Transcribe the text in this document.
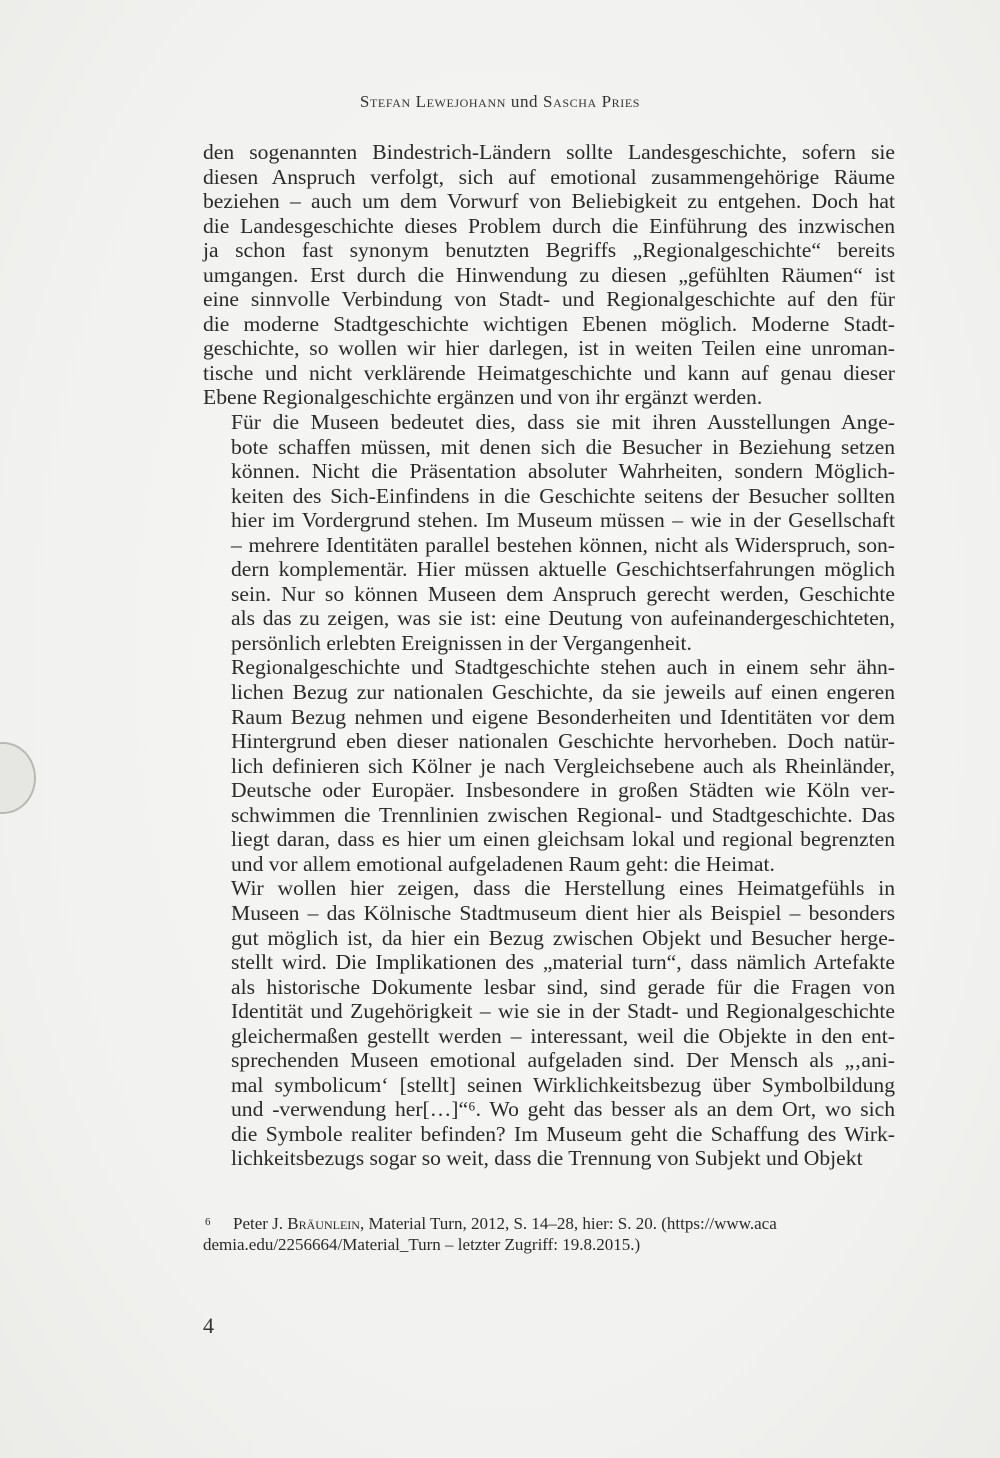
Stefan Lewejohann und Sascha Pries

den sogenannten Bindestrich-Ländern sollte Landesgeschichte, sofern sie
diesen Anspruch verfolgt, sich auf emotional zusammengehörige Räume
beziehen – auch um dem Vorwurf von Beliebigkeit zu entgehen. Doch hat
die Landesgeschichte dieses Problem durch die Einführung des inzwischen
ja schon fast synonym benutzten Begriffs „Regionalgeschichte“ bereits
umgangen. Erst durch die Hinwendung zu diesen „gefühlten Räumen“ ist
eine sinnvolle Verbindung von Stadt- und Regionalgeschichte auf den für
die moderne Stadtgeschichte wichtigen Ebenen möglich. Moderne Stadt-
geschichte, so wollen wir hier darlegen, ist in weiten Teilen eine unroman-
tische und nicht verklärende Heimatgeschichte und kann auf genau dieser
Ebene Regionalgeschichte ergänzen und von ihr ergänzt werden.

Für die Museen bedeutet dies, dass sie mit ihren Ausstellungen Ange-
bote schaffen müssen, mit denen sich die Besucher in Beziehung setzen
können. Nicht die Präsentation absoluter Wahrheiten, sondern Möglich-
keiten des Sich-Einfindens in die Geschichte seitens der Besucher sollten
hier im Vordergrund stehen. Im Museum müssen – wie in der Gesellschaft
– mehrere Identitäten parallel bestehen können, nicht als Widerspruch, son-
dern komplementär. Hier müssen aktuelle Geschichtserfahrungen möglich
sein. Nur so können Museen dem Anspruch gerecht werden, Geschichte
als das zu zeigen, was sie ist: eine Deutung von aufeinandergeschichteten,
persönlich erlebten Ereignissen in der Vergangenheit.

Regionalgeschichte und Stadtgeschichte stehen auch in einem sehr ähn-
lichen Bezug zur nationalen Geschichte, da sie jeweils auf einen engeren
Raum Bezug nehmen und eigene Besonderheiten und Identitäten vor dem
Hintergrund eben dieser nationalen Geschichte hervorheben. Doch natür-
lich definieren sich Kölner je nach Vergleichsebene auch als Rheinländer,
Deutsche oder Europäer. Insbesondere in großen Städten wie Köln ver-
schwimmen die Trennlinien zwischen Regional- und Stadtgeschichte. Das
liegt daran, dass es hier um einen gleichsam lokal und regional begrenzten
und vor allem emotional aufgeladenen Raum geht: die Heimat.

Wir wollen hier zeigen, dass die Herstellung eines Heimatgefühls in
Museen – das Kölnische Stadtmuseum dient hier als Beispiel – besonders
gut möglich ist, da hier ein Bezug zwischen Objekt und Besucher herge-
stellt wird. Die Implikationen des „material turn“, dass nämlich Artefakte
als historische Dokumente lesbar sind, sind gerade für die Fragen von
Identität und Zugehörigkeit – wie sie in der Stadt- und Regionalgeschichte
gleichermaßen gestellt werden – interessant, weil die Objekte in den ent-
sprechenden Museen emotional aufgeladen sind. Der Mensch als „‚ani-
mal symbolicum‘ [stellt] seinen Wirklichkeitsbezug über Symbolbildung
und -verwendung her[…]“⁶. Wo geht das besser als an dem Ort, wo sich
die Symbole realiter befinden? Im Museum geht die Schaffung des Wirk-
lichkeitsbezugs sogar so weit, dass die Trennung von Subjekt und Objekt

6 Peter J. Bräunlein, Material Turn, 2012, S. 14–28, hier: S. 20. (https://www.aca
demia.edu/2256664/Material_Turn – letzter Zugriff: 19.8.2015.)
4
